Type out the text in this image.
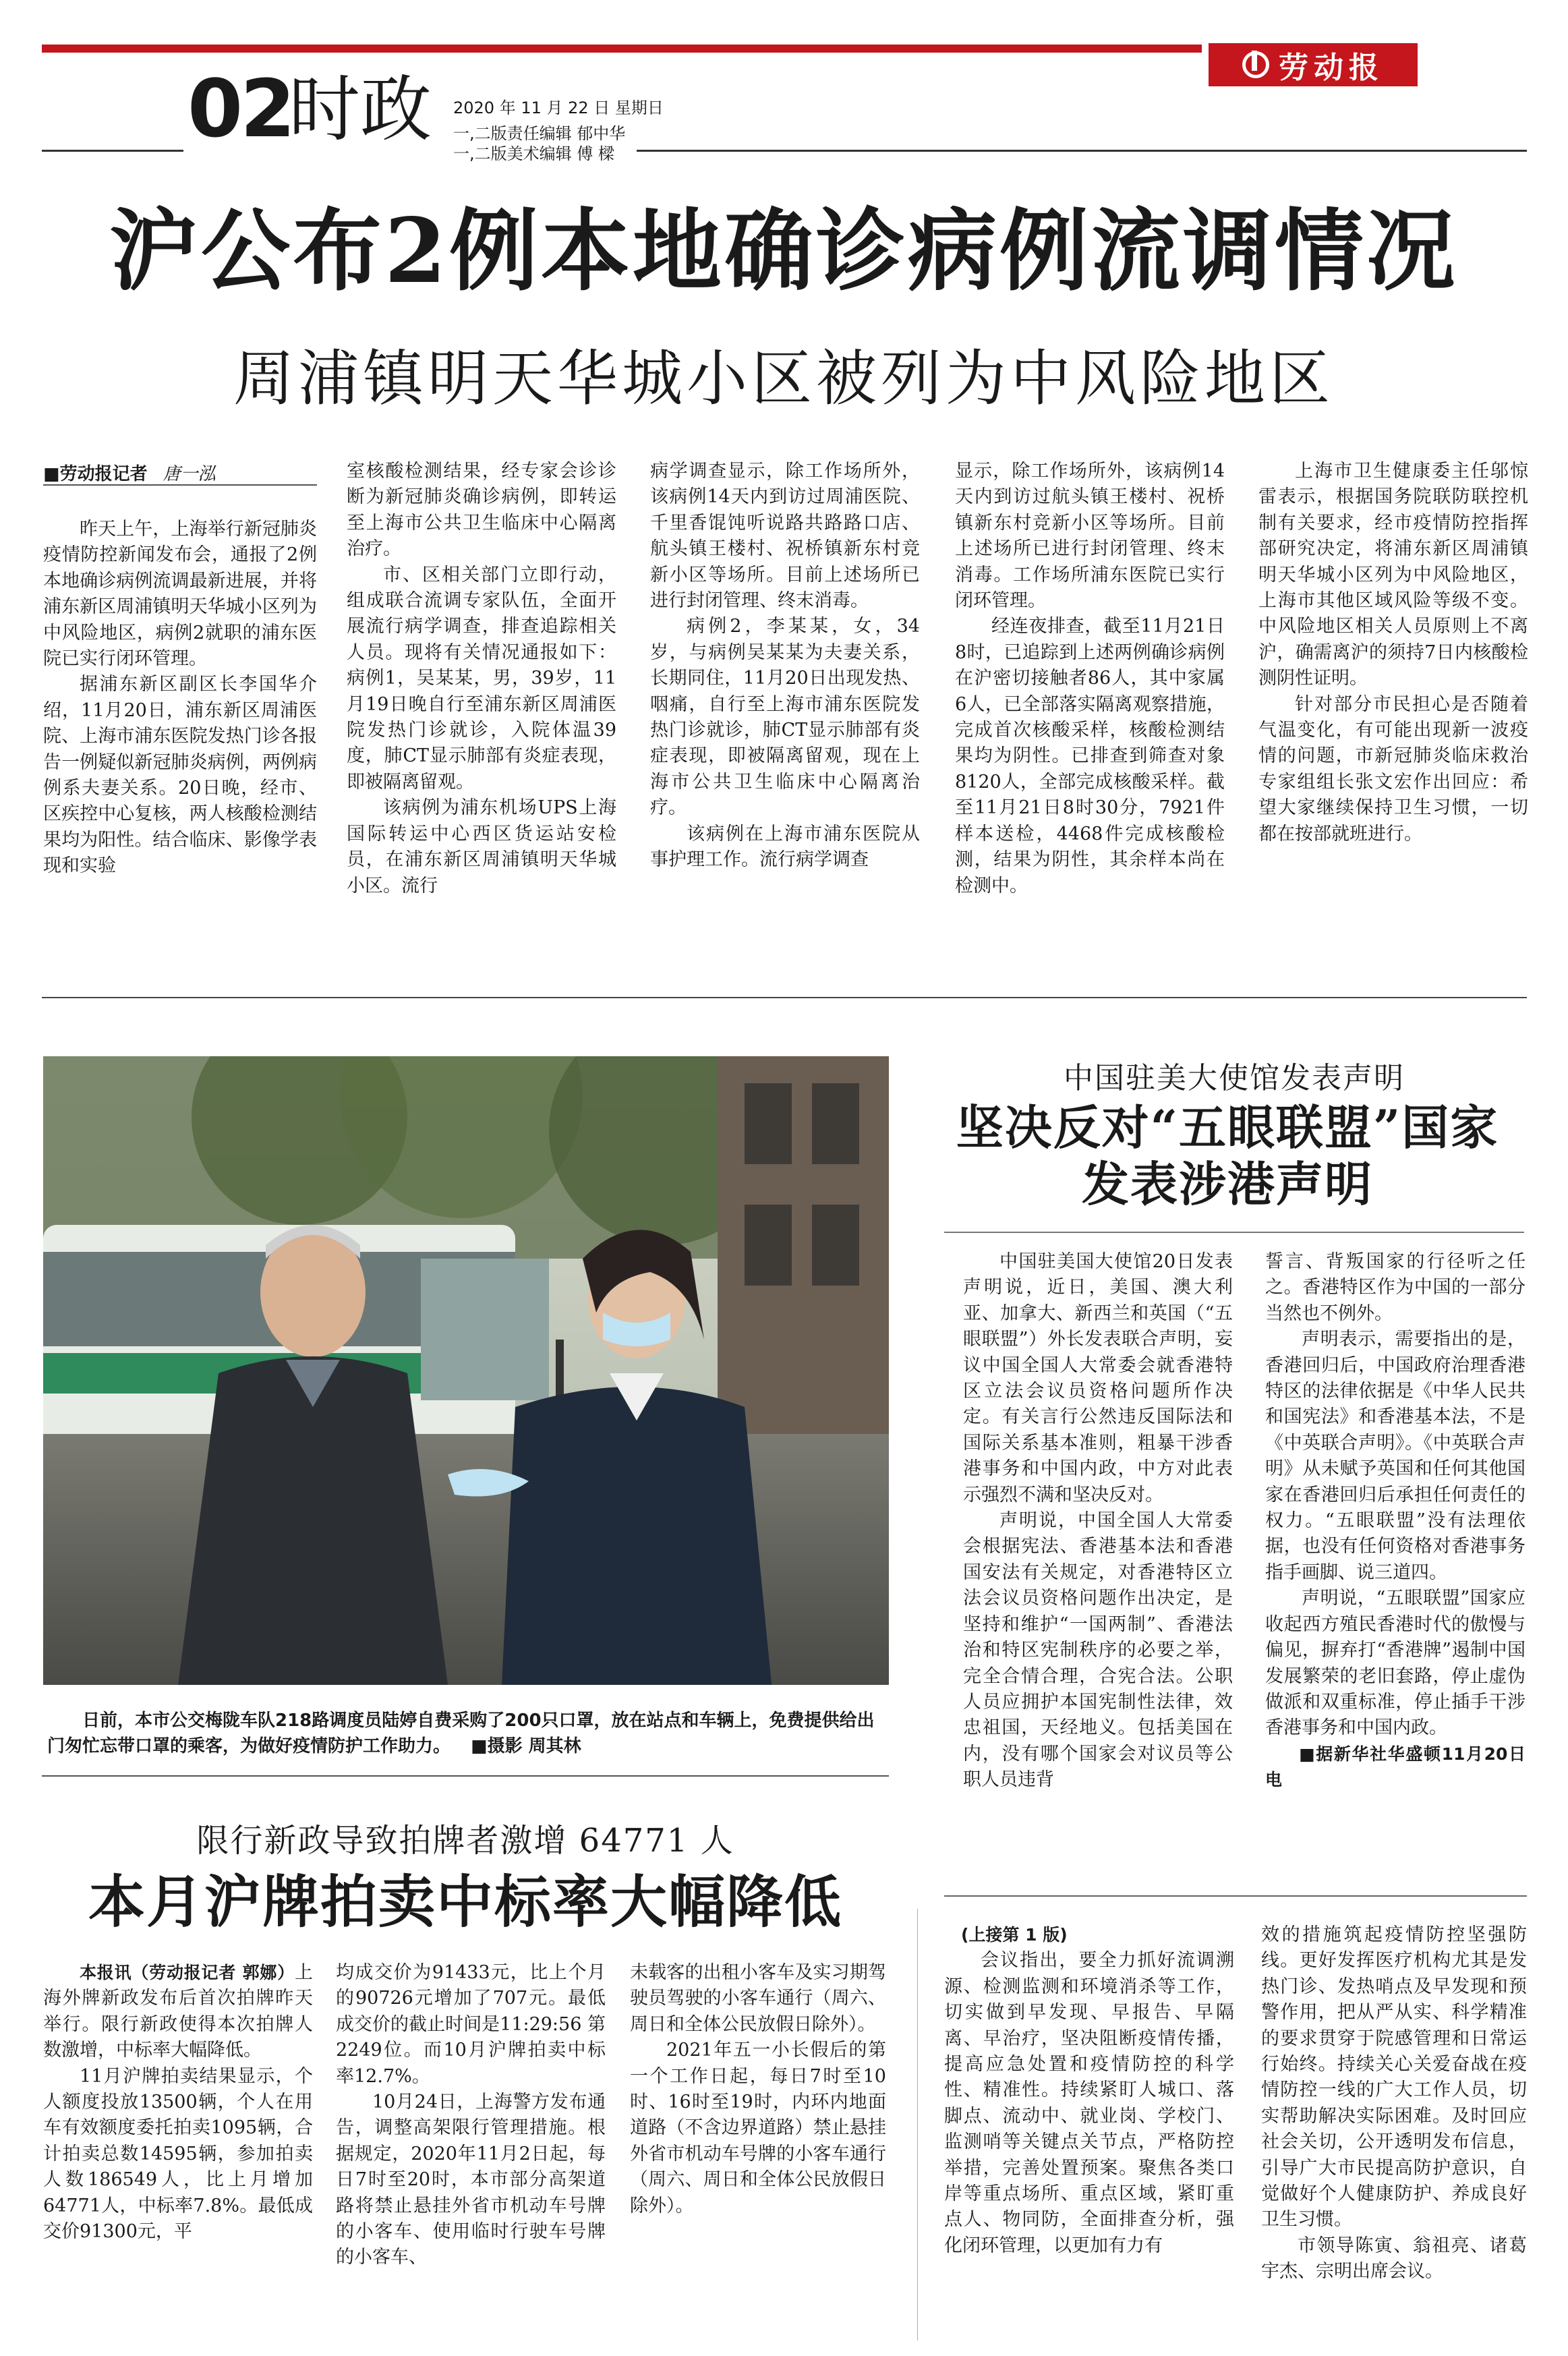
劳动报
02
时政 2020 年 11 月 22 日 星期日
一,二版责任编辑 郁中华
一,二版美术编辑 傅 樑
沪公布2例本地确诊病例流调情况
周浦镇明天华城小区被列为中风险地区
■劳动报记者 唐一泓

昨天上午，上海举行新冠肺炎疫情防控新闻发布会，通报了2例本地确诊病例流调最新进展，并将浦东新区周浦镇明天华城小区列为中风险地区，病例2就职的浦东医院已实行闭环管理。

据浦东新区副区长李国华介绍，11月20日，浦东新区周浦医院、上海市浦东医院发热门诊各报告一例疑似新冠肺炎病例，两例病例系夫妻关系。20日晚，经市、区疾控中心复核，两人核酸检测结果均为阳性。结合临床、影像学表现和实验

室核酸检测结果，经专家会诊诊断为新冠肺炎确诊病例，即转运至上海市公共卫生临床中心隔离治疗。

市、区相关部门立即行动，组成联合流调专家队伍，全面开展流行病学调查，排查追踪相关人员。现将有关情况通报如下：病例1，吴某某，男，39岁，11月19日晚自行至浦东新区周浦医院发热门诊就诊，入院体温39度，肺CT显示肺部有炎症表现，即被隔离留观。

该病例为浦东机场UPS上海国际转运中心西区货运站安检员，在浦东新区周浦镇明天华城小区。流行

病学调查显示，除工作场所外，该病例14天内到访过周浦医院、千里香馄饨听说路共路路口店、航头镇王楼村、祝桥镇新东村竞新小区等场所。目前上述场所已进行封闭管理、终末消毒。

病例2，李某某，女，34岁，与病例吴某某为夫妻关系，长期同住，11月20日出现发热、咽痛，自行至上海市浦东医院发热门诊就诊，肺CT显示肺部有炎症表现，即被隔离留观，现在上海市公共卫生临床中心隔离治疗。

该病例在上海市浦东医院从事护理工作。流行病学调查

显示，除工作场所外，该病例14天内到访过航头镇王楼村、祝桥镇新东村竞新小区等场所。目前上述场所已进行封闭管理、终末消毒。工作场所浦东医院已实行闭环管理。

经连夜排查，截至11月21日8时，已追踪到上述两例确诊病例在沪密切接触者86人，其中家属6人，已全部落实隔离观察措施，完成首次核酸采样，核酸检测结果均为阴性。已排查到筛查对象8120人，全部完成核酸采样。截至11月21日8时30分，7921件样本送检，4468件完成核酸检测，结果为阴性，其余样本尚在检测中。

上海市卫生健康委主任邬惊雷表示，根据国务院联防联控机制有关要求，经市疫情防控指挥部研究决定，将浦东新区周浦镇明天华城小区列为中风险地区，上海市其他区域风险等级不变。中风险地区相关人员原则上不离沪，确需离沪的须持7日内核酸检测阴性证明。

针对部分市民担心是否随着气温变化，有可能出现新一波疫情的问题，市新冠肺炎临床救治专家组组长张文宏作出回应：希望大家继续保持卫生习惯，一切都在按部就班进行。

日前，本市公交梅陇车队218路调度员陆婷自费采购了200只口罩，放在站点和车辆上，免费提供给出门匆忙忘带口罩的乘客，为做好疫情防护工作助力。 ■摄影 周其林
中国驻美大使馆发表声明
坚决反对“五眼联盟”国家
发表涉港声明

中国驻美国大使馆20日发表声明说，近日，美国、澳大利亚、加拿大、新西兰和英国（“五眼联盟”）外长发表联合声明，妄议中国全国人大常委会就香港特区立法会议员资格问题所作决定。有关言行公然违反国际法和国际关系基本准则，粗暴干涉香港事务和中国内政，中方对此表示强烈不满和坚决反对。

声明说，中国全国人大常委会根据宪法、香港基本法和香港国安法有关规定，对香港特区立法会议员资格问题作出决定，是坚持和维护“一国两制”、香港法治和特区宪制秩序的必要之举，完全合情合理，合宪合法。公职人员应拥护本国宪制性法律，效忠祖国，天经地义。包括美国在内，没有哪个国家会对议员等公职人员违背

誓言、背叛国家的行径听之任之。香港特区作为中国的一部分当然也不例外。

声明表示，需要指出的是，香港回归后，中国政府治理香港特区的法律依据是《中华人民共和国宪法》和香港基本法，不是《中英联合声明》。《中英联合声明》从未赋予英国和任何其他国家在香港回归后承担任何责任的权力。“五眼联盟”没有法理依据，也没有任何资格对香港事务指手画脚、说三道四。

声明说，“五眼联盟”国家应收起西方殖民香港时代的傲慢与偏见，摒弃打“香港牌”遏制中国发展繁荣的老旧套路，停止虚伪做派和双重标准，停止插手干涉香港事务和中国内政。

■据新华社华盛顿11月20日电

限行新政导致拍牌者激增 64771 人
本月沪牌拍卖中标率大幅降低

本报讯（劳动报记者 郭娜）上海外牌新政发布后首次拍牌昨天举行。限行新政使得本次拍牌人数激增，中标率大幅降低。

11月沪牌拍卖结果显示，个人额度投放13500辆，个人在用车有效额度委托拍卖1095辆，合计拍卖总数14595辆，参加拍卖人数186549人，比上月增加64771人，中标率7.8%。最低成交价91300元，平

均成交价为91433元，比上个月的90726元增加了707元。最低成交价的截止时间是11:29:56 第2249位。而10月沪牌拍卖中标率12.7%。

10月24日，上海警方发布通告，调整高架限行管理措施。根据规定，2020年11月2日起，每日7时至20时，本市部分高架道路将禁止悬挂外省市机动车号牌的小客车、使用临时行驶车号牌的小客车、

未载客的出租小客车及实习期驾驶员驾驶的小客车通行（周六、周日和全体公民放假日除外）。

2021年五一小长假后的第一个工作日起，每日7时至10时、16时至19时，内环内地面道路（不含边界道路）禁止悬挂外省市机动车号牌的小客车通行（周六、周日和全体公民放假日除外）。

(上接第 1 版)

会议指出，要全力抓好流调溯源、检测监测和环境消杀等工作，切实做到早发现、早报告、早隔离、早治疗，坚决阻断疫情传播，提高应急处置和疫情防控的科学性、精准性。持续紧盯人城口、落脚点、流动中、就业岗、学校门、监测哨等关键点关节点，严格防控举措，完善处置预案。聚焦各类口岸等重点场所、重点区域，紧盯重点人、物同防，全面排查分析，强化闭环管理，以更加有力有

效的措施筑起疫情防控坚强防线。更好发挥医疗机构尤其是发热门诊、发热哨点及早发现和预警作用，把从严从实、科学精准的要求贯穿于院感管理和日常运行始终。持续关心关爱奋战在疫情防控一线的广大工作人员，切实帮助解决实际困难。及时回应社会关切，公开透明发布信息，引导广大市民提高防护意识，自觉做好个人健康防护、养成良好卫生习惯。

市领导陈寅、翁祖亮、诸葛宇杰、宗明出席会议。
